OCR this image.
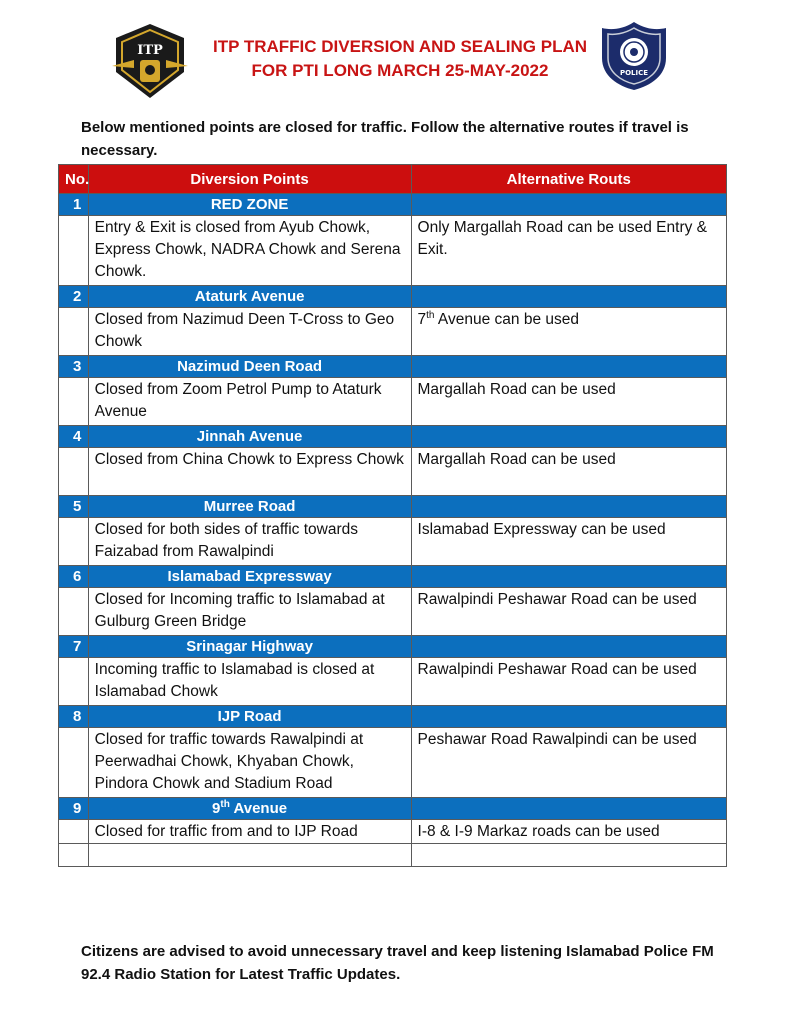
ITP	ITP TRAFFIC DIVERSION AND SEALING PLAN
FOR PTI LONG MARCH 25-MAY-2022	POLICE
Below mentioned points are closed for traffic. Follow the alternative routes if travel is necessary.
No.	Diversion Points	Alternative Routs
1	RED ZONE	
	Entry & Exit is closed from Ayub Chowk, Express Chowk, NADRA Chowk and Serena Chowk.	Only Margallah Road can be used Entry & Exit.
2	Ataturk Avenue	
	Closed from Nazimud Deen T-Cross to Geo Chowk	7th Avenue can be used
3	Nazimud Deen Road	
	Closed from Zoom Petrol Pump to Ataturk Avenue	Margallah Road can be used
4	Jinnah Avenue	
	Closed from China Chowk to Express Chowk	Margallah Road can be used
5	Murree Road	
	Closed for both sides of traffic towards Faizabad from Rawalpindi	Islamabad Expressway can be used
6	Islamabad Expressway	
	Closed for Incoming traffic to Islamabad at Gulburg Green Bridge	Rawalpindi Peshawar Road can be used
7	Srinagar Highway	
	Incoming traffic to Islamabad is closed at Islamabad Chowk	Rawalpindi Peshawar Road can be used
8	IJP Road	
	Closed for traffic towards Rawalpindi at Peerwadhai Chowk, Khyaban Chowk, Pindora Chowk and Stadium Road	Peshawar Road Rawalpindi can be used
9	9th Avenue	
	Closed for traffic from and to IJP Road	I-8 & I-9 Markaz roads can be used

Citizens are advised to avoid unnecessary travel and keep listening Islamabad Police FM 92.4 Radio Station for Latest Traffic Updates.
